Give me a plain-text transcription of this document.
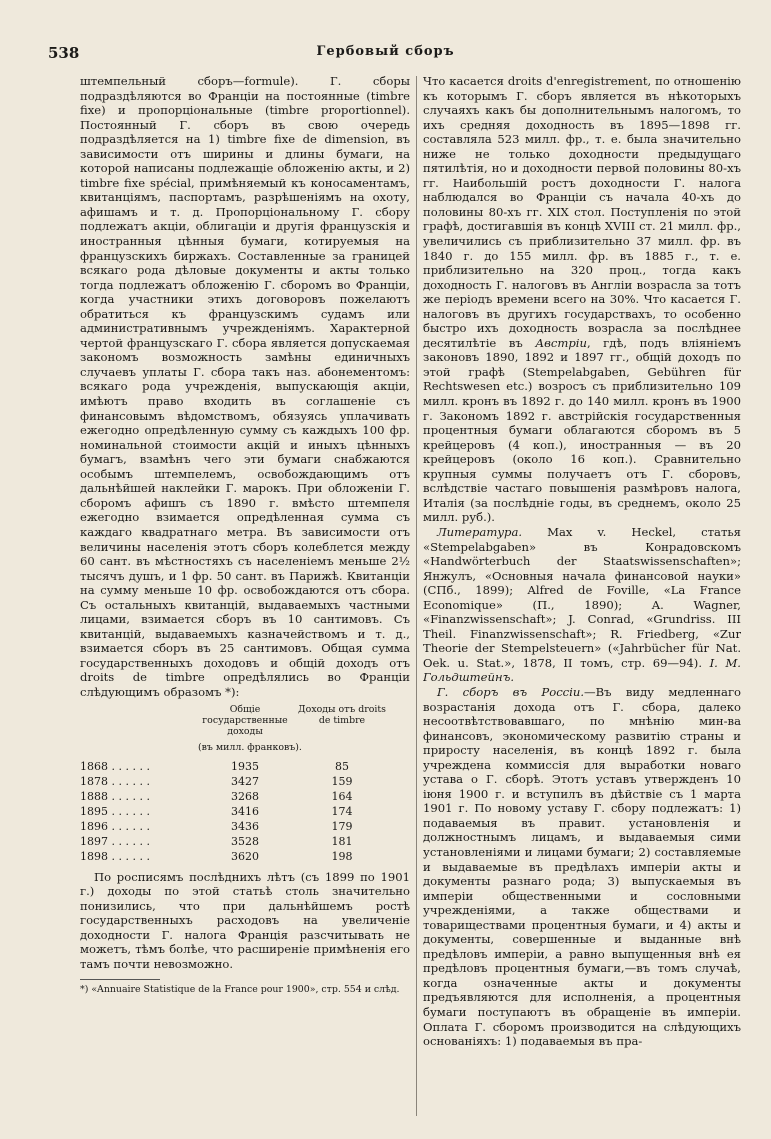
538	Гербовый сборъ

штемпельный сборъ—formule). Г. сборы подраздѣляются во Франціи на постоянные (timbre fixe) и пропорціональные (timbre proportionnel). Постоянный Г. сборъ въ свою очередь подраздѣляется на 1) timbre fixe de dimension, въ зависимости отъ ширины и длины бумаги, на которой написаны подлежащіе обложенію акты, и 2) timbre fixe spécial, примѣняемый къ коносаментамъ, квитанціямъ, паспортамъ, разрѣшеніямъ на охоту, афишамъ и т. д. Пропорціональному Г. сбору подлежатъ акціи, облигаціи и другія французскія и иностранныя цѣнныя бумаги, котируемыя на французскихъ биржахъ. Составленные за границей всякаго рода дѣловые документы и акты только тогда подлежатъ обложенію Г. сборомъ во Франціи, когда участники этихъ договоровъ пожелаютъ обратиться къ французскимъ судамъ или административнымъ учрежденіямъ. Характерной чертой французскаго Г. сбора является допускаемая закономъ возможность замѣны единичныхъ случаевъ уплаты Г. сбора такъ наз. абонементомъ: всякаго рода учрежденія, выпускающія акціи, имѣютъ право входить въ соглашеніе съ финансовымъ вѣдомствомъ, обязуясь уплачивать ежегодно опредѣленную сумму съ каждыхъ 100 фр. номинальной стоимости акцій и иныхъ цѣнныхъ бумагъ, взамѣнъ чего эти бумаги снабжаются особымъ штемпелемъ, освобождающимъ отъ дальнѣйшей наклейки Г. марокъ. При обложеніи Г. сборомъ афишъ съ 1890 г. вмѣсто штемпеля ежегодно взимается опредѣленная сумма съ каждаго квадратнаго метра. Въ зависимости отъ величины населенія этотъ сборъ колеблется между 60 сант. въ мѣстностяхъ съ населеніемъ меньше 2½ тысячъ душъ, и 1 фр. 50 сант. въ Парижѣ. Квитанціи на сумму меньше 10 фр. освобождаются отъ сбора. Съ остальныхъ квитанцій, выдаваемыхъ частными лицами, взимается сборъ въ 10 сантимовъ. Съ квитанцій, выдаваемыхъ казначействомъ и т. д., взимается сборъ въ 25 сантимовъ. Общая сумма государственныхъ доходовъ и общій доходъ отъ droits de timbre опредѣлялись во Франціи слѣдующимъ образомъ *):

Общіе государственные доходы
Доходы отъ droits de timbre
(въ милл. франковъ).
1868 . . . . . .	1935	85
1878 . . . . . .	3427	159
1888 . . . . . .	3268	164
1895 . . . . . .	3416	174
1896 . . . . . .	3436	179
1897 . . . . . .	3528	181
1898 . . . . . .	3620	198

По росписямъ послѣднихъ лѣтъ (съ 1899 по 1901 г.) доходы по этой статьѣ столь значительно понизились, что при дальнѣйшемъ ростѣ государственныхъ расходовъ на увеличеніе доходности Г. налога Франція разсчитывать не можетъ, тѣмъ болѣе, что расширеніе примѣненія его тамъ почти невозможно.

*) «Annuaire Statistique de la France pour 1900», стр. 554 и слѣд.

Что касается droits d'enregistrement, по отношенію къ которымъ Г. сборъ является въ нѣкоторыхъ случаяхъ какъ бы дополнительнымъ налогомъ, то ихъ средняя доходность въ 1895—1898 гг. составляла 523 милл. фр., т. е. была значительно ниже не только доходности предыдущаго пятилѣтія, но и доходности первой половины 80-хъ гг. Наибольшій ростъ доходности Г. налога наблюдался во Франціи съ начала 40-хъ до половины 80-хъ гг. XIX стол. Поступленія по этой графѣ, достигавшія въ концѣ XVIII ст. 21 милл. фр., увеличились съ приблизительно 37 милл. фр. въ 1840 г. до 155 милл. фр. въ 1885 г., т. е. приблизительно на 320 проц., тогда какъ доходность Г. налоговъ въ Англіи возрасла за тотъ же періодъ времени всего на 30%. Что касается Г. налоговъ въ другихъ государствахъ, то особенно быстро ихъ доходность возрасла за послѣднее десятилѣтіе въ Австріи, гдѣ, подъ вліяніемъ законовъ 1890, 1892 и 1897 гг., общій доходъ по этой графѣ (Stempelabgaben, Gebühren für Rechtswesen etc.) возросъ съ приблизительно 109 милл. кронъ въ 1892 г. до 140 милл. кронъ въ 1900 г. Закономъ 1892 г. австрійскія государственныя процентныя бумаги облагаются сборомъ въ 5 крейцеровъ (4 коп.), иностранныя — въ 20 крейцеровъ (около 16 коп.). Сравнительно крупныя суммы получаетъ отъ Г. сборовъ, вслѣдствіе частаго повышенія размѣровъ налога, Италія (за послѣдніе годы, въ среднемъ, около 25 милл. руб.).

Литература. Max v. Heckel, статья «Stempelabgaben» въ Конрадовскомъ «Handwörterbuch der Staatswissenschaften»; Янжулъ, «Основныя начала финансовой науки» (СПб., 1899); Alfred de Foville, «La France Economique» (П., 1890); A. Wagner, «Finanzwissenschaft»; J. Conrad, «Grundriss. III Theil. Finanzwissenschaft»; R. Friedberg, «Zur Theorie der Stempelsteuern» («Jahrbücher für Nat. Oek. u. Stat.», 1878, II томъ, стр. 69—94). І. М. Гольдштейнъ.

Г. сборъ въ Россіи.—Въ виду медленнаго возрастанія дохода отъ Г. сбора, далеко несоотвѣтствовавшаго, по мнѣнію мин-ва финансовъ, экономическому развитію страны и приросту населенія, въ концѣ 1892 г. была учреждена коммиссія для выработки новаго устава о Г. сборѣ. Этотъ уставъ утвержденъ 10 іюня 1900 г. и вступилъ въ дѣйствіе съ 1 марта 1901 г. По новому уставу Г. сбору подлежатъ: 1) подаваемыя въ правит. установленія и должностнымъ лицамъ, и выдаваемыя сими установленіями и лицами бумаги; 2) составляемые и выдаваемые въ предѣлахъ имперіи акты и документы разнаго рода; 3) выпускаемыя въ имперіи общественными и сословными учрежденіями, а также обществами и товариществами процентныя бумаги, и 4) акты и документы, совершенные и выданные внѣ предѣловъ имперіи, а равно выпущенныя внѣ ея предѣловъ процентныя бумаги,—въ томъ случаѣ, когда означенные акты и документы предъявляются для исполненія, а процентныя бумаги поступаютъ въ обращеніе въ имперіи. Оплата Г. сборомъ производится на слѣдующихъ основаніяхъ: 1) подаваемыя въ пра-
